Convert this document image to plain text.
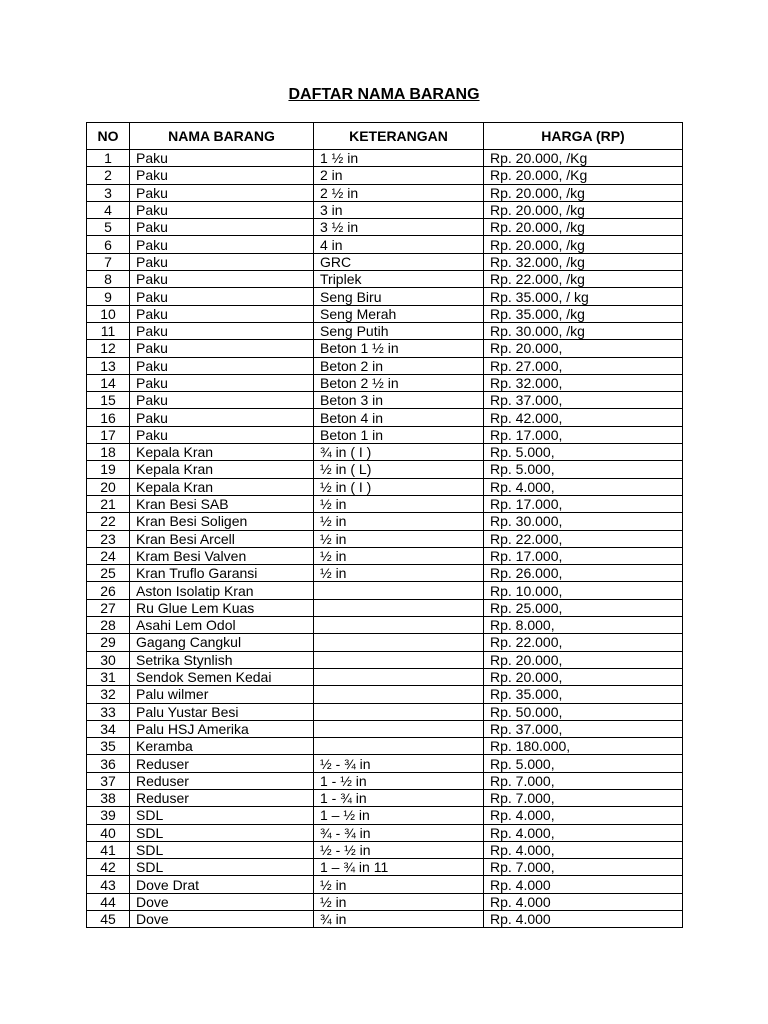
DAFTAR NAMA BARANG
NO	NAMA BARANG	KETERANGAN	HARGA (RP)
1	Paku	1 ½ in	Rp. 20.000, /Kg
2	Paku	2 in	Rp. 20.000, /Kg
3	Paku	2 ½ in	Rp. 20.000, /kg
4	Paku	3 in	Rp. 20.000, /kg
5	Paku	3 ½ in	Rp. 20.000, /kg
6	Paku	4 in	Rp. 20.000, /kg
7	Paku	GRC	Rp. 32.000, /kg
8	Paku	Triplek	Rp. 22.000, /kg
9	Paku	Seng Biru	Rp. 35.000, / kg
10	Paku	Seng Merah	Rp. 35.000, /kg
11	Paku	Seng Putih	Rp. 30.000, /kg
12	Paku	Beton 1 ½ in	Rp. 20.000,
13	Paku	Beton 2 in	Rp. 27.000,
14	Paku	Beton 2 ½ in	Rp. 32.000,
15	Paku	Beton 3 in	Rp. 37.000,
16	Paku	Beton 4 in	Rp. 42.000,
17	Paku	Beton 1 in	Rp. 17.000,
18	Kepala Kran	¾ in ( I )	Rp. 5.000,
19	Kepala Kran	½ in ( L)	Rp. 5.000,
20	Kepala Kran	½ in ( I )	Rp. 4.000,
21	Kran Besi SAB	½ in	Rp. 17.000,
22	Kran Besi Soligen	½ in	Rp. 30.000,
23	Kran Besi Arcell	½ in	Rp. 22.000,
24	Kram Besi Valven	½ in	Rp. 17.000,
25	Kran Truflo Garansi	½ in	Rp. 26.000,
26	Aston Isolatip Kran		Rp. 10.000,
27	Ru Glue Lem Kuas		Rp. 25.000,
28	Asahi Lem Odol		Rp. 8.000,
29	Gagang Cangkul		Rp. 22.000,
30	Setrika Stynlish		Rp. 20.000,
31	Sendok Semen Kedai		Rp. 20.000,
32	Palu wilmer		Rp. 35.000,
33	Palu Yustar Besi		Rp. 50.000,
34	Palu HSJ Amerika		Rp. 37.000,
35	Keramba		Rp. 180.000,
36	Reduser	½ - ¾ in	Rp. 5.000,
37	Reduser	1 - ½ in	Rp. 7.000,
38	Reduser	1 - ¾ in	Rp. 7.000,
39	SDL	1 – ½ in	Rp. 4.000,
40	SDL	¾ - ¾ in	Rp. 4.000,
41	SDL	½ - ½ in	Rp. 4.000,
42	SDL	1 – ¾ in 11	Rp. 7.000,
43	Dove Drat	½ in	Rp. 4.000
44	Dove	½ in	Rp. 4.000
45	Dove	¾ in	Rp. 4.000
